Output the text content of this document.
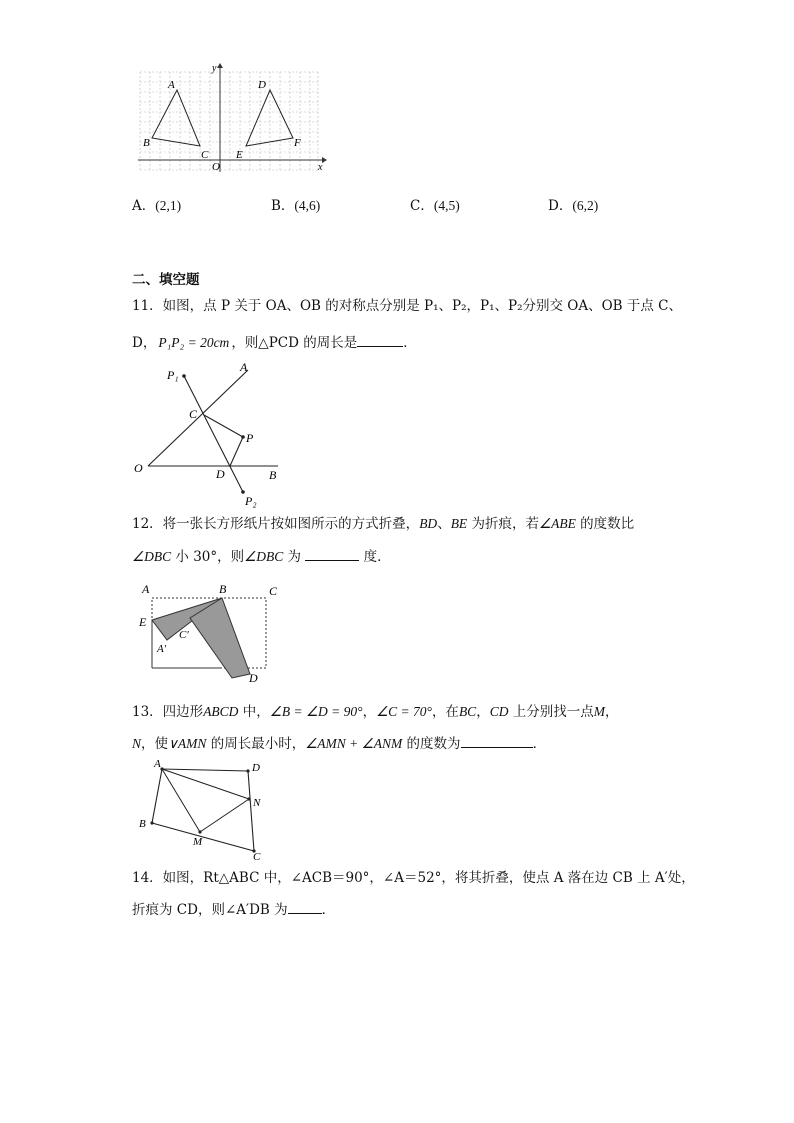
A
B
C
D
E
F
O	x
y
A．(2,1)	B．(4,6)	C．(4,5)	D．(6,2)
二、填空题
11．如图，点 P 关于 OA、OB 的对称点分别是 P₁、P₂，P₁、P₂分别交 OA、OB 于点 C、
D， P₁P₂ = 20cm ，则△PCD 的周长是	．
P₁
A
C
P
O	D	B
P₂
12．将一张长方形纸片按如图所示的方式折叠，BD、BE 为折痕，若∠ABE 的度数比
∠DBC 小 30°，则∠DBC 为	度．
A	B	C
E
C′
A′
D
13．四边形ABCD 中，∠B = ∠D = 90°，∠C = 70°，在BC，CD 上分别找一点M，
N，使∨AMN 的周长最小时，∠AMN + ∠ANM 的度数为	．
A	D
N
B
M
C
14．如图，Rt△ABC 中，∠ACB＝90°，∠A＝52°，将其折叠，使点 A 落在边 CB 上 A′处，
折痕为 CD，则∠A′DB 为	．
